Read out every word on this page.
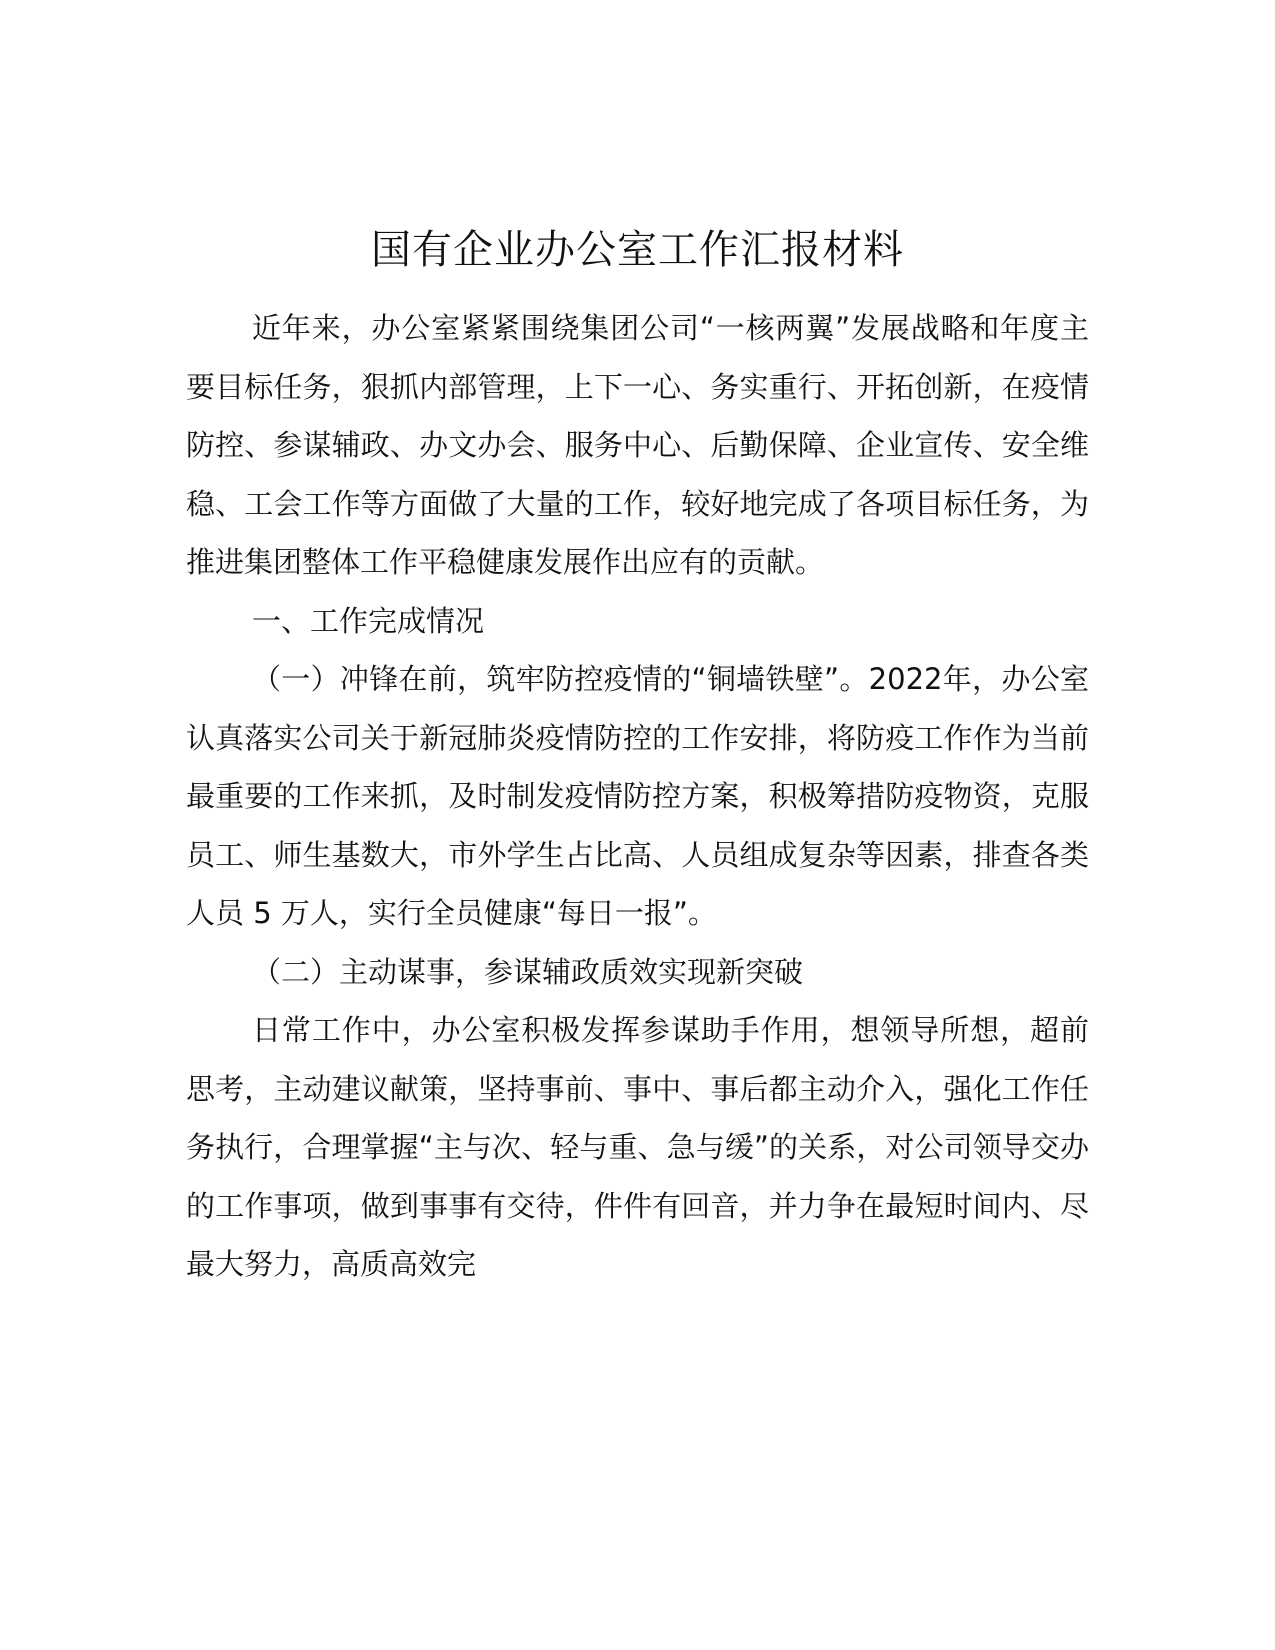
国有企业办公室工作汇报材料

近年来，办公室紧紧围绕集团公司“一核两翼”发展战略和年度主要目标任务，狠抓内部管理，上下一心、务实重行、开拓创新，在疫情防控、参谋辅政、办文办会、服务中心、后勤保障、企业宣传、安全维稳、工会工作等方面做了大量的工作，较好地完成了各项目标任务，为推进集团整体工作平稳健康发展作出应有的贡献。

一、工作完成情况

（一）冲锋在前，筑牢防控疫情的“铜墙铁壁”。2022年，办公室认真落实公司关于新冠肺炎疫情防控的工作安排，将防疫工作作为当前最重要的工作来抓，及时制发疫情防控方案，积极筹措防疫物资，克服员工、师生基数大，市外学生占比高、人员组成复杂等因素，排查各类人员 5 万人，实行全员健康“每日一报”。

（二）主动谋事，参谋辅政质效实现新突破

日常工作中，办公室积极发挥参谋助手作用，想领导所想，超前思考，主动建议献策，坚持事前、事中、事后都主动介入，强化工作任务执行，合理掌握“主与次、轻与重、急与缓”的关系，对公司领导交办的工作事项，做到事事有交待，件件有回音，并力争在最短时间内、尽最大努力，高质高效完
